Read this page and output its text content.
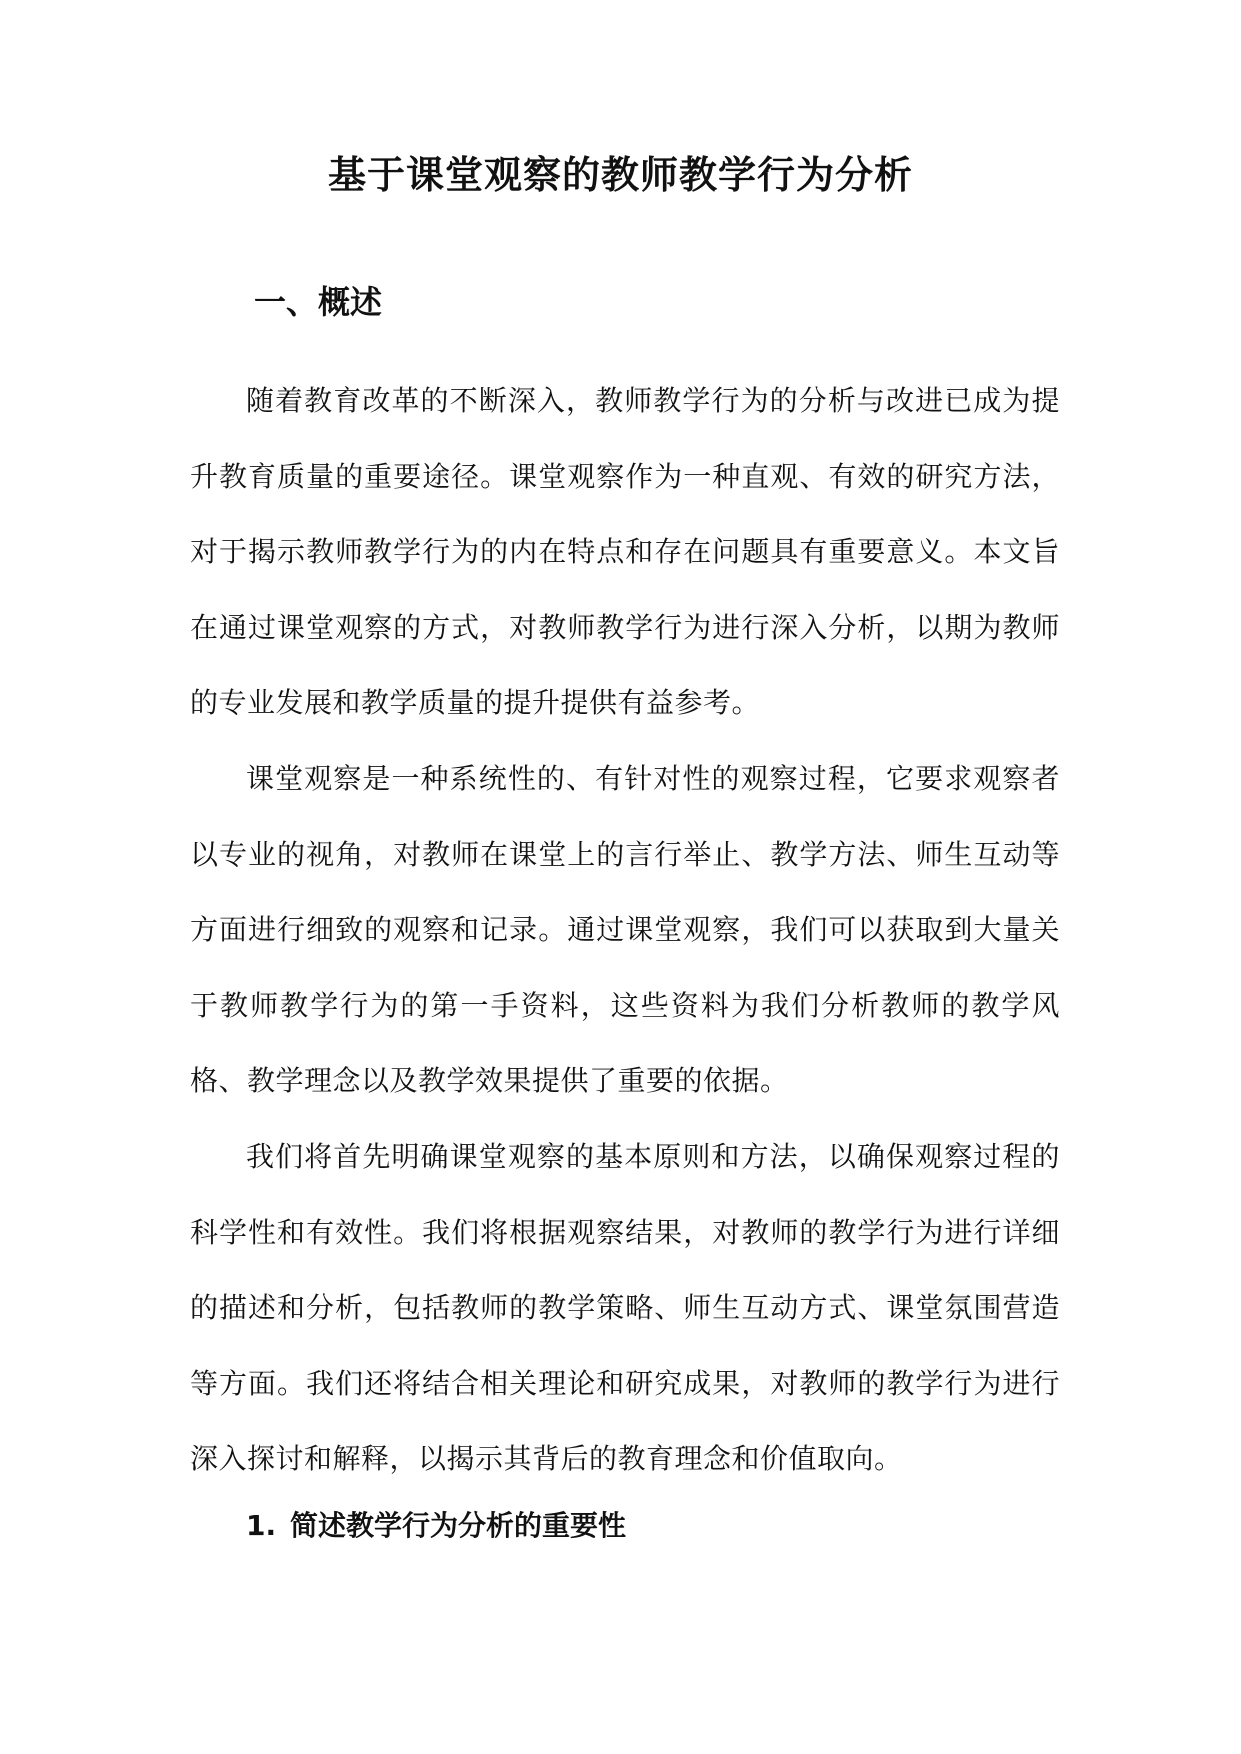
基于课堂观察的教师教学行为分析
一、概述

随着教育改革的不断深入，教师教学行为的分析与改进已成为提升教育质量的重要途径。课堂观察作为一种直观、有效的研究方法，对于揭示教师教学行为的内在特点和存在问题具有重要意义。本文旨在通过课堂观察的方式，对教师教学行为进行深入分析，以期为教师的专业发展和教学质量的提升提供有益参考。

课堂观察是一种系统性的、有针对性的观察过程，它要求观察者以专业的视角，对教师在课堂上的言行举止、教学方法、师生互动等方面进行细致的观察和记录。通过课堂观察，我们可以获取到大量关于教师教学行为的第一手资料，这些资料为我们分析教师的教学风格、教学理念以及教学效果提供了重要的依据。

我们将首先明确课堂观察的基本原则和方法，以确保观察过程的科学性和有效性。我们将根据观察结果，对教师的教学行为进行详细的描述和分析，包括教师的教学策略、师生互动方式、课堂氛围营造等方面。我们还将结合相关理论和研究成果，对教师的教学行为进行深入探讨和解释，以揭示其背后的教育理念和价值取向。

1. 简述教学行为分析的重要性
